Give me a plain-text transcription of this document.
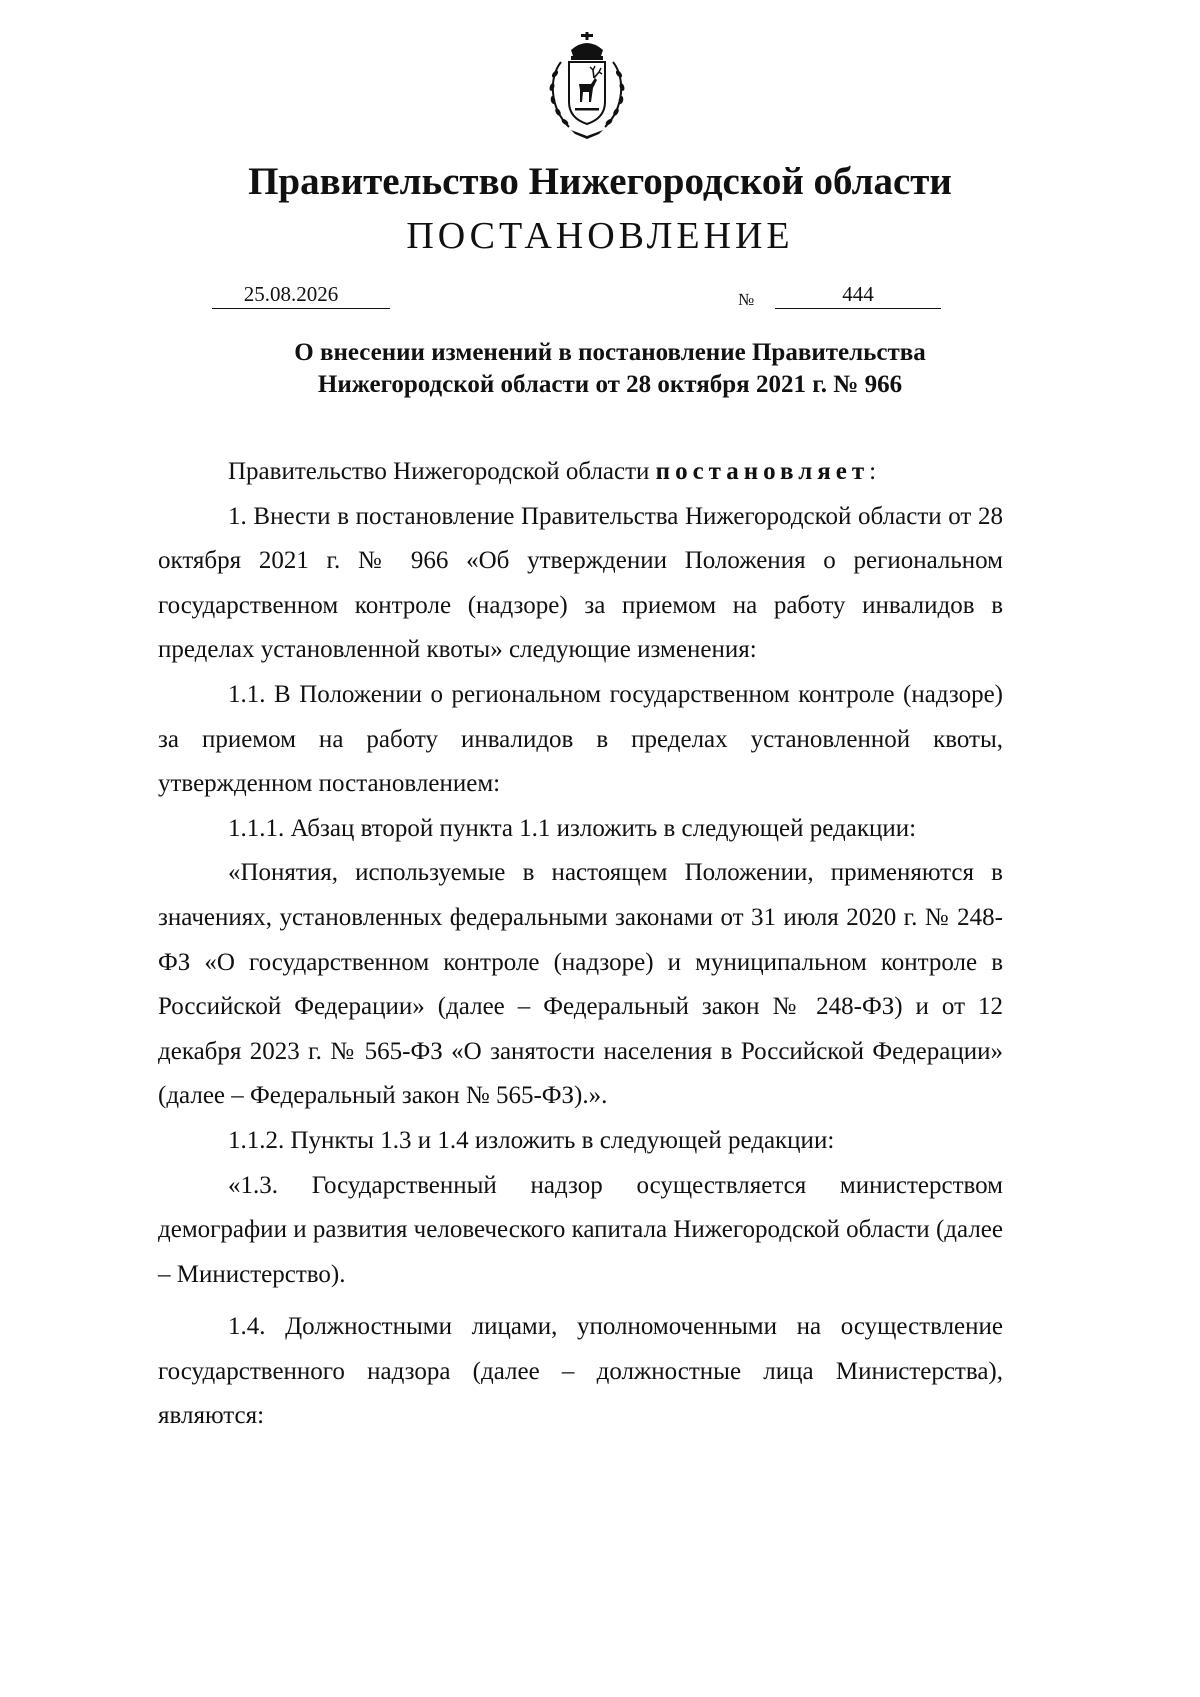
Правительство Нижегородской области
ПОСТАНОВЛЕНИЕ
25.08.2026	№	444
О внесении изменений в постановление Правительства
Нижегородской области от 28 октября 2021 г. № 966

Правительство Нижегородской области постановляет:

1. Внести в постановление Правительства Нижегородской области от 28 октября 2021 г. № 966 «Об утверждении Положения о региональном государственном контроле (надзоре) за приемом на работу инвалидов в пределах установленной квоты» следующие изменения:

1.1. В Положении о региональном государственном контроле (надзоре) за приемом на работу инвалидов в пределах установленной квоты, утвержденном постановлением:

1.1.1. Абзац второй пункта 1.1 изложить в следующей редакции:

«Понятия, используемые в настоящем Положении, применяются в значениях, установленных федеральными законами от 31 июля 2020 г. № 248-ФЗ «О государственном контроле (надзоре) и муниципальном контроле в Российской Федерации» (далее – Федеральный закон № 248-ФЗ) и от 12 декабря 2023 г. № 565-ФЗ «О занятости населения в Российской Федерации» (далее – Федеральный закон № 565-ФЗ).».

1.1.2. Пункты 1.3 и 1.4 изложить в следующей редакции:

«1.3. Государственный надзор осуществляется министерством демографии и развития человеческого капитала Нижегородской области (далее – Министерство).

1.4. Должностными лицами, уполномоченными на осуществление государственного надзора (далее – должностные лица Министерства), являются:
